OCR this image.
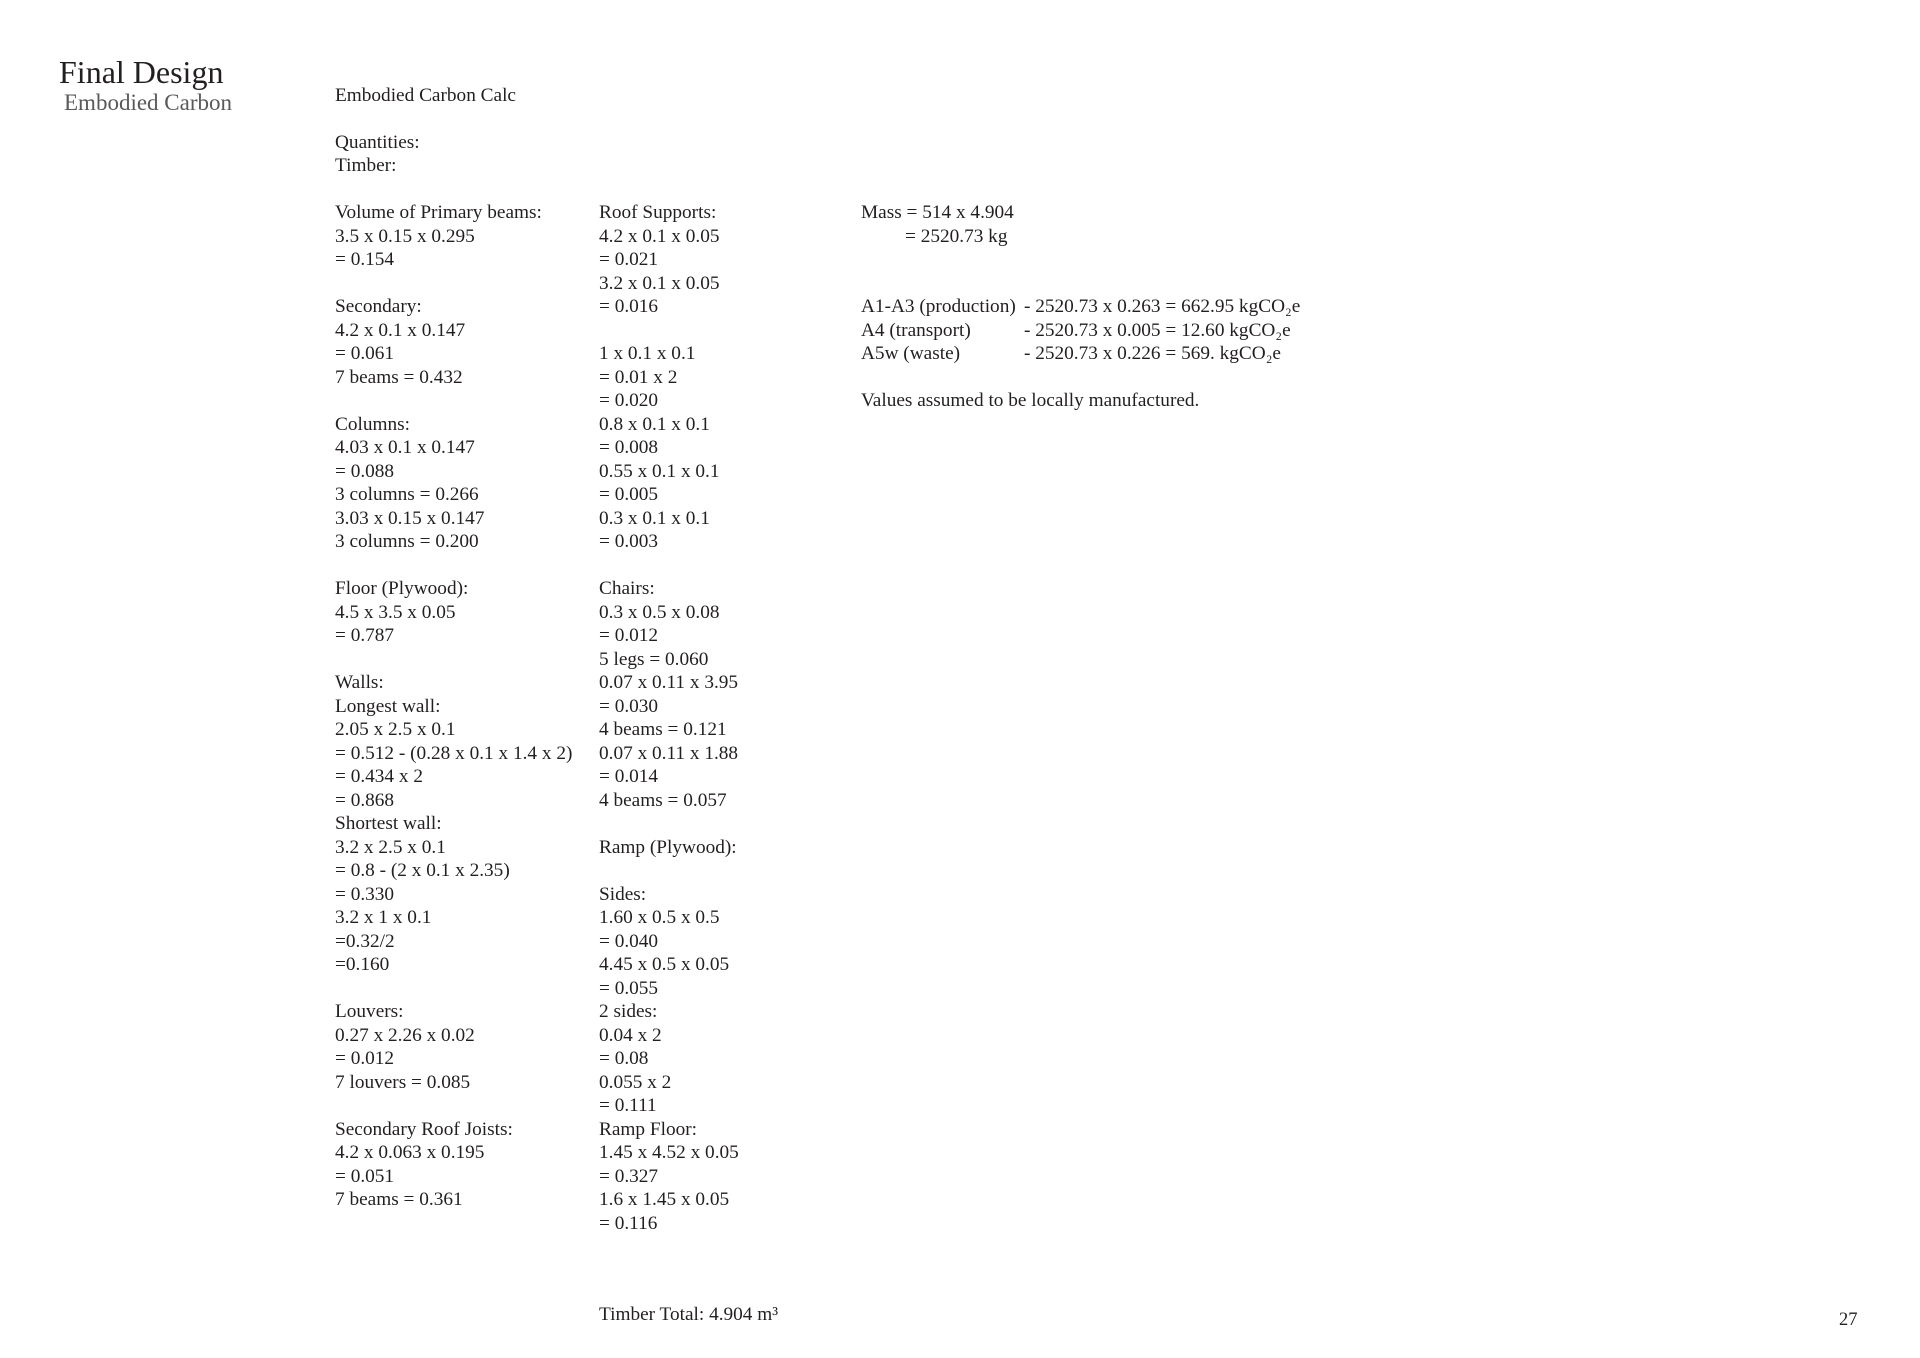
Final Design
Embodied Carbon	Embodied Carbon Calc
Quantities:
Timber:
Volume of Primary beams:
3.5 x 0.15 x 0.295
= 0.154
Secondary:
4.2 x 0.1 x 0.147
= 0.061
7 beams = 0.432
Columns:
4.03 x 0.1 x 0.147
= 0.088
3 columns = 0.266
3.03 x 0.15 x 0.147
3 columns = 0.200
Floor (Plywood):
4.5 x 3.5 x 0.05
= 0.787
Walls:
Longest wall:
2.05 x 2.5 x 0.1
= 0.512 - (0.28 x 0.1 x 1.4 x 2)
= 0.434 x 2
= 0.868
Shortest wall:
3.2 x 2.5 x 0.1
= 0.8 - (2 x 0.1 x 2.35)
= 0.330
3.2 x 1 x 0.1
=0.32/2
=0.160
Louvers:
0.27 x 2.26 x 0.02
= 0.012
7 louvers = 0.085
Secondary Roof Joists:
4.2 x 0.063 x 0.195
= 0.051
7 beams = 0.361
Roof Supports:
4.2 x 0.1 x 0.05
= 0.021
3.2 x 0.1 x 0.05
= 0.016
1 x 0.1 x 0.1
= 0.01 x 2
= 0.020
0.8 x 0.1 x 0.1
= 0.008
0.55 x 0.1 x 0.1
= 0.005
0.3 x 0.1 x 0.1
= 0.003
Chairs:
0.3 x 0.5 x 0.08
= 0.012
5 legs = 0.060
0.07 x 0.11 x 3.95
= 0.030
4 beams = 0.121
0.07 x 0.11 x 1.88
= 0.014
4 beams = 0.057
Ramp (Plywood):
Sides:
1.60 x 0.5 x 0.5
= 0.040
4.45 x 0.5 x 0.05
= 0.055
2 sides:
0.04 x 2
= 0.08
0.055 x 2
= 0.111
Ramp Floor:
1.45 x 4.52 x 0.05
= 0.327
1.6 x 1.45 x 0.05
= 0.116
Mass = 514 x 4.904
= 2520.73 kg
A1-A3 (production) - 2520.73 x 0.263 = 662.95 kgCO₂e
A4 (transport)	- 2520.73 x 0.005 = 12.60 kgCO₂e
A5w (waste)	- 2520.73 x 0.226 = 569. kgCO₂e
Values assumed to be locally manufactured.
Timber Total: 4.904 m³	27
